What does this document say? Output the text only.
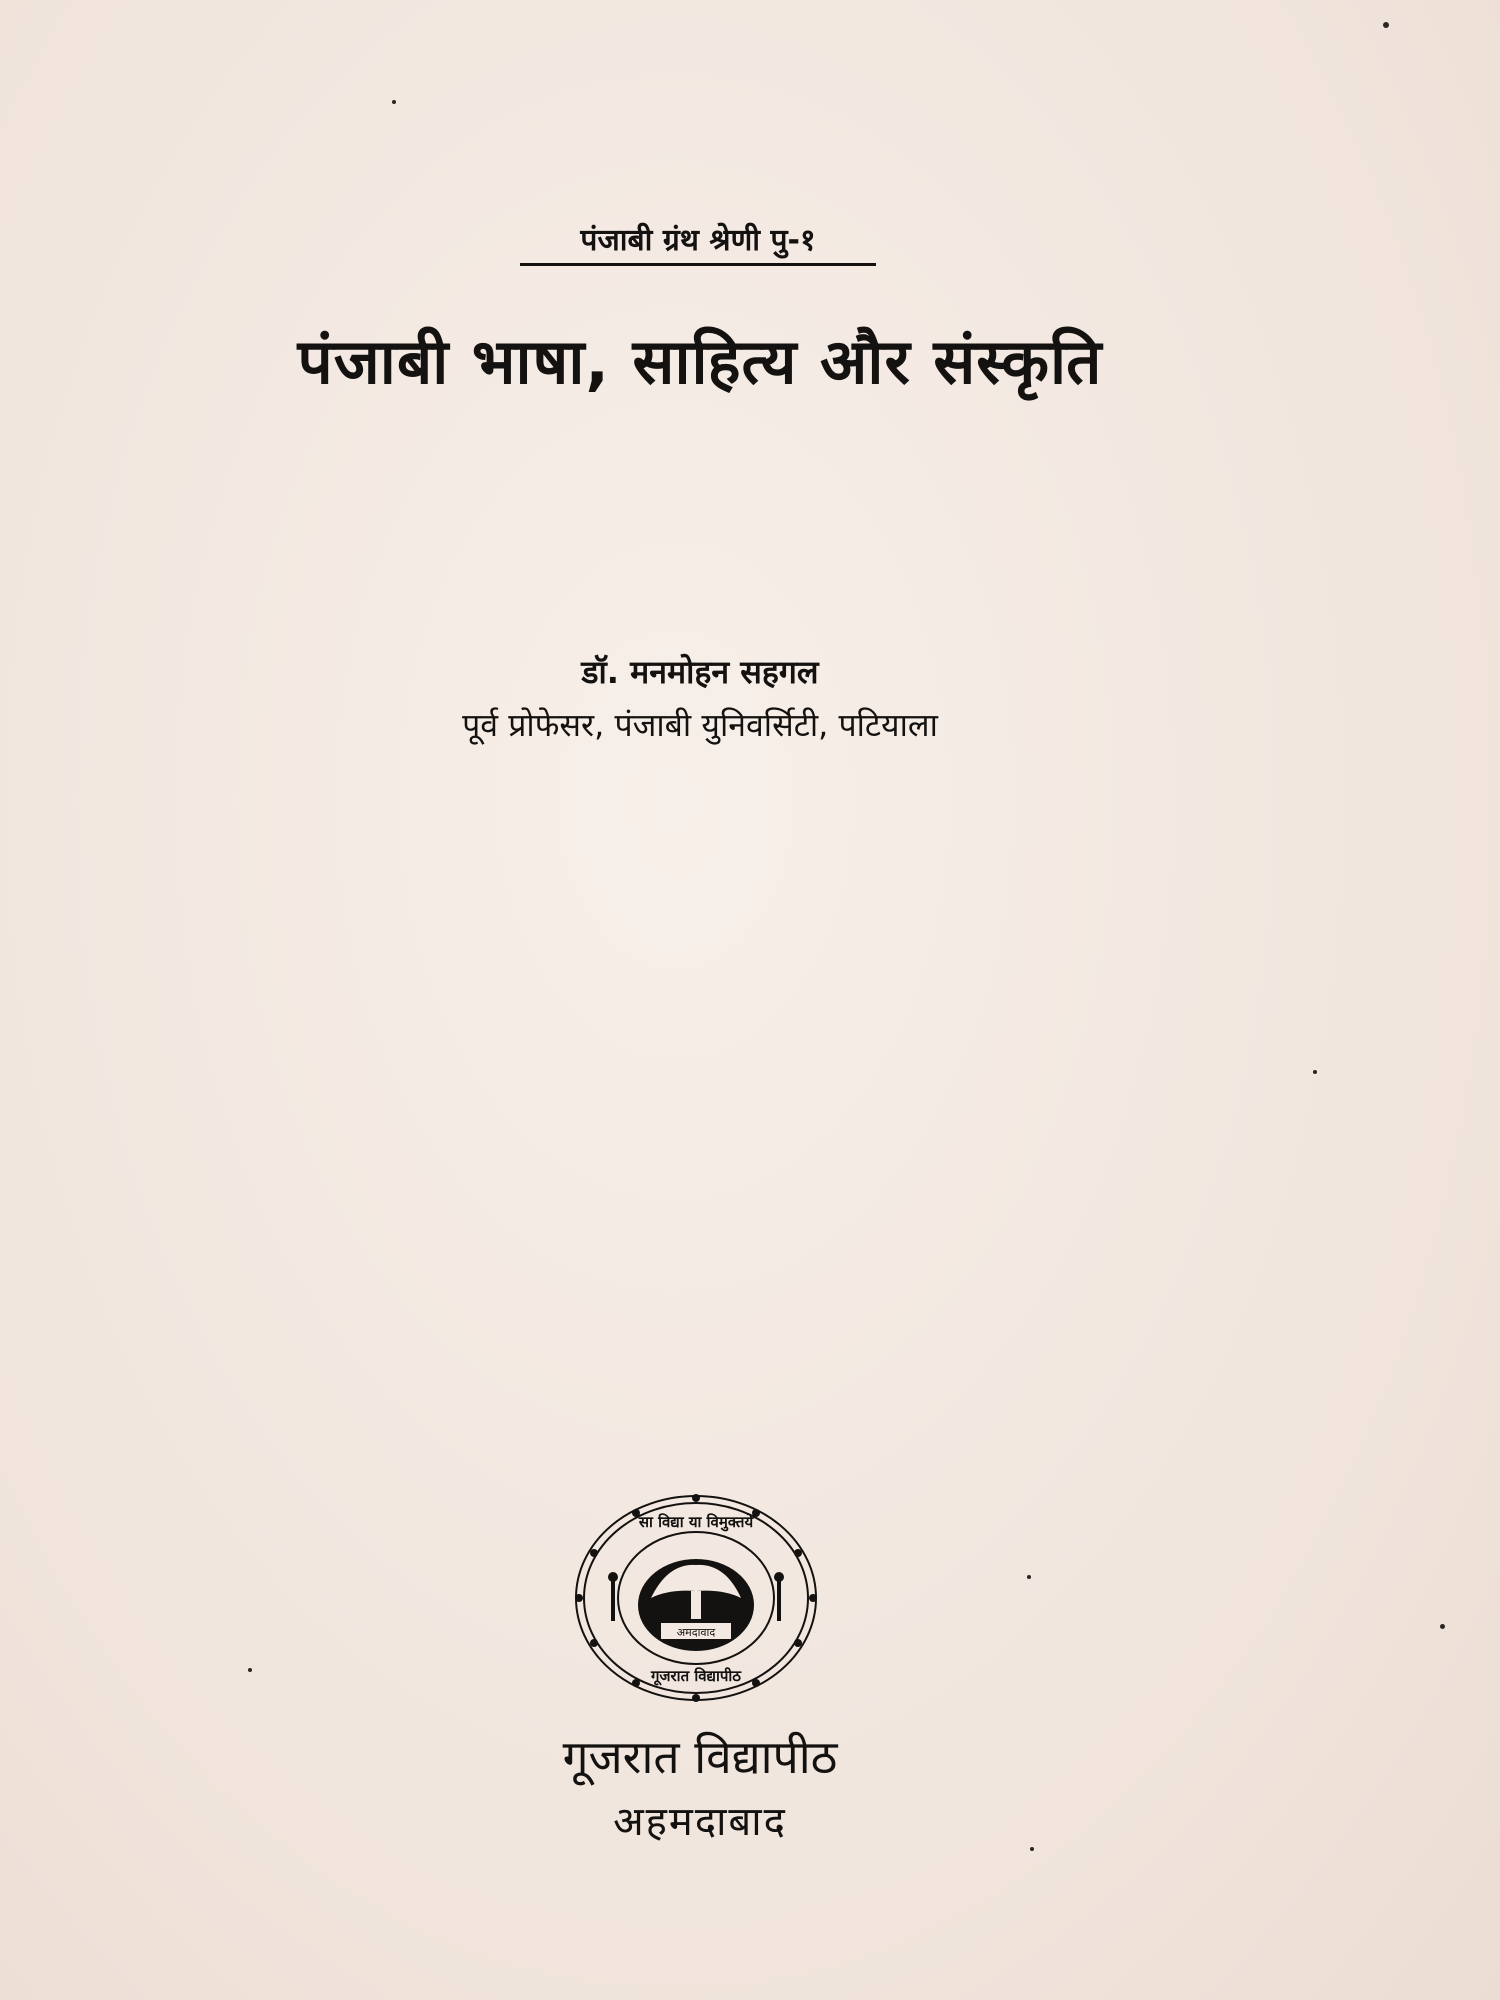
पंजाबी ग्रंथ श्रेणी पु-१
पंजाबी भाषा, साहित्य और संस्कृति
डॉ. मनमोहन सहगल
पूर्व प्रोफेसर, पंजाबी युनिवर्सिटी, पटियाला
अमदावाद
सा विद्या या विमुक्तये
गूजरात विद्यापीठ
गूजरात विद्यापीठ
अहमदाबाद
